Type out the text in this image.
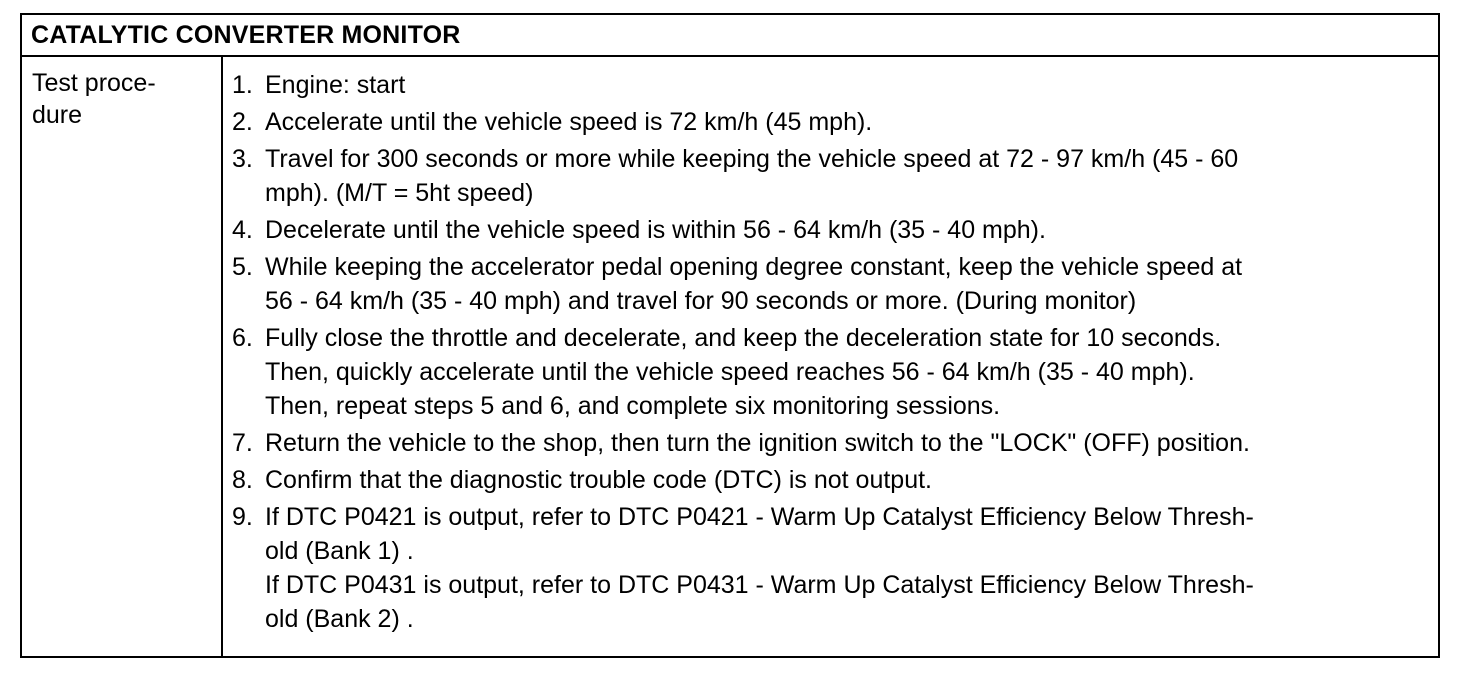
CATALYTIC CONVERTER MONITOR
Test proce-
dure
1. Engine: start
2. Accelerate until the vehicle speed is 72 km/h (45 mph).
3. Travel for 300 seconds or more while keeping the vehicle speed at 72 - 97 km/h (45 - 60
mph). (M/T = 5ht speed)
4. Decelerate until the vehicle speed is within 56 - 64 km/h (35 - 40 mph).
5. While keeping the accelerator pedal opening degree constant, keep the vehicle speed at
56 - 64 km/h (35 - 40 mph) and travel for 90 seconds or more. (During monitor)
6. Fully close the throttle and decelerate, and keep the deceleration state for 10 seconds.
Then, quickly accelerate until the vehicle speed reaches 56 - 64 km/h (35 - 40 mph).
Then, repeat steps 5 and 6, and complete six monitoring sessions.
7. Return the vehicle to the shop, then turn the ignition switch to the "LOCK" (OFF) position.
8. Confirm that the diagnostic trouble code (DTC) is not output.
9. If DTC P0421 is output, refer to DTC P0421 - Warm Up Catalyst Efficiency Below Thresh-
old (Bank 1) .
If DTC P0431 is output, refer to DTC P0431 - Warm Up Catalyst Efficiency Below Thresh-
old (Bank 2) .
